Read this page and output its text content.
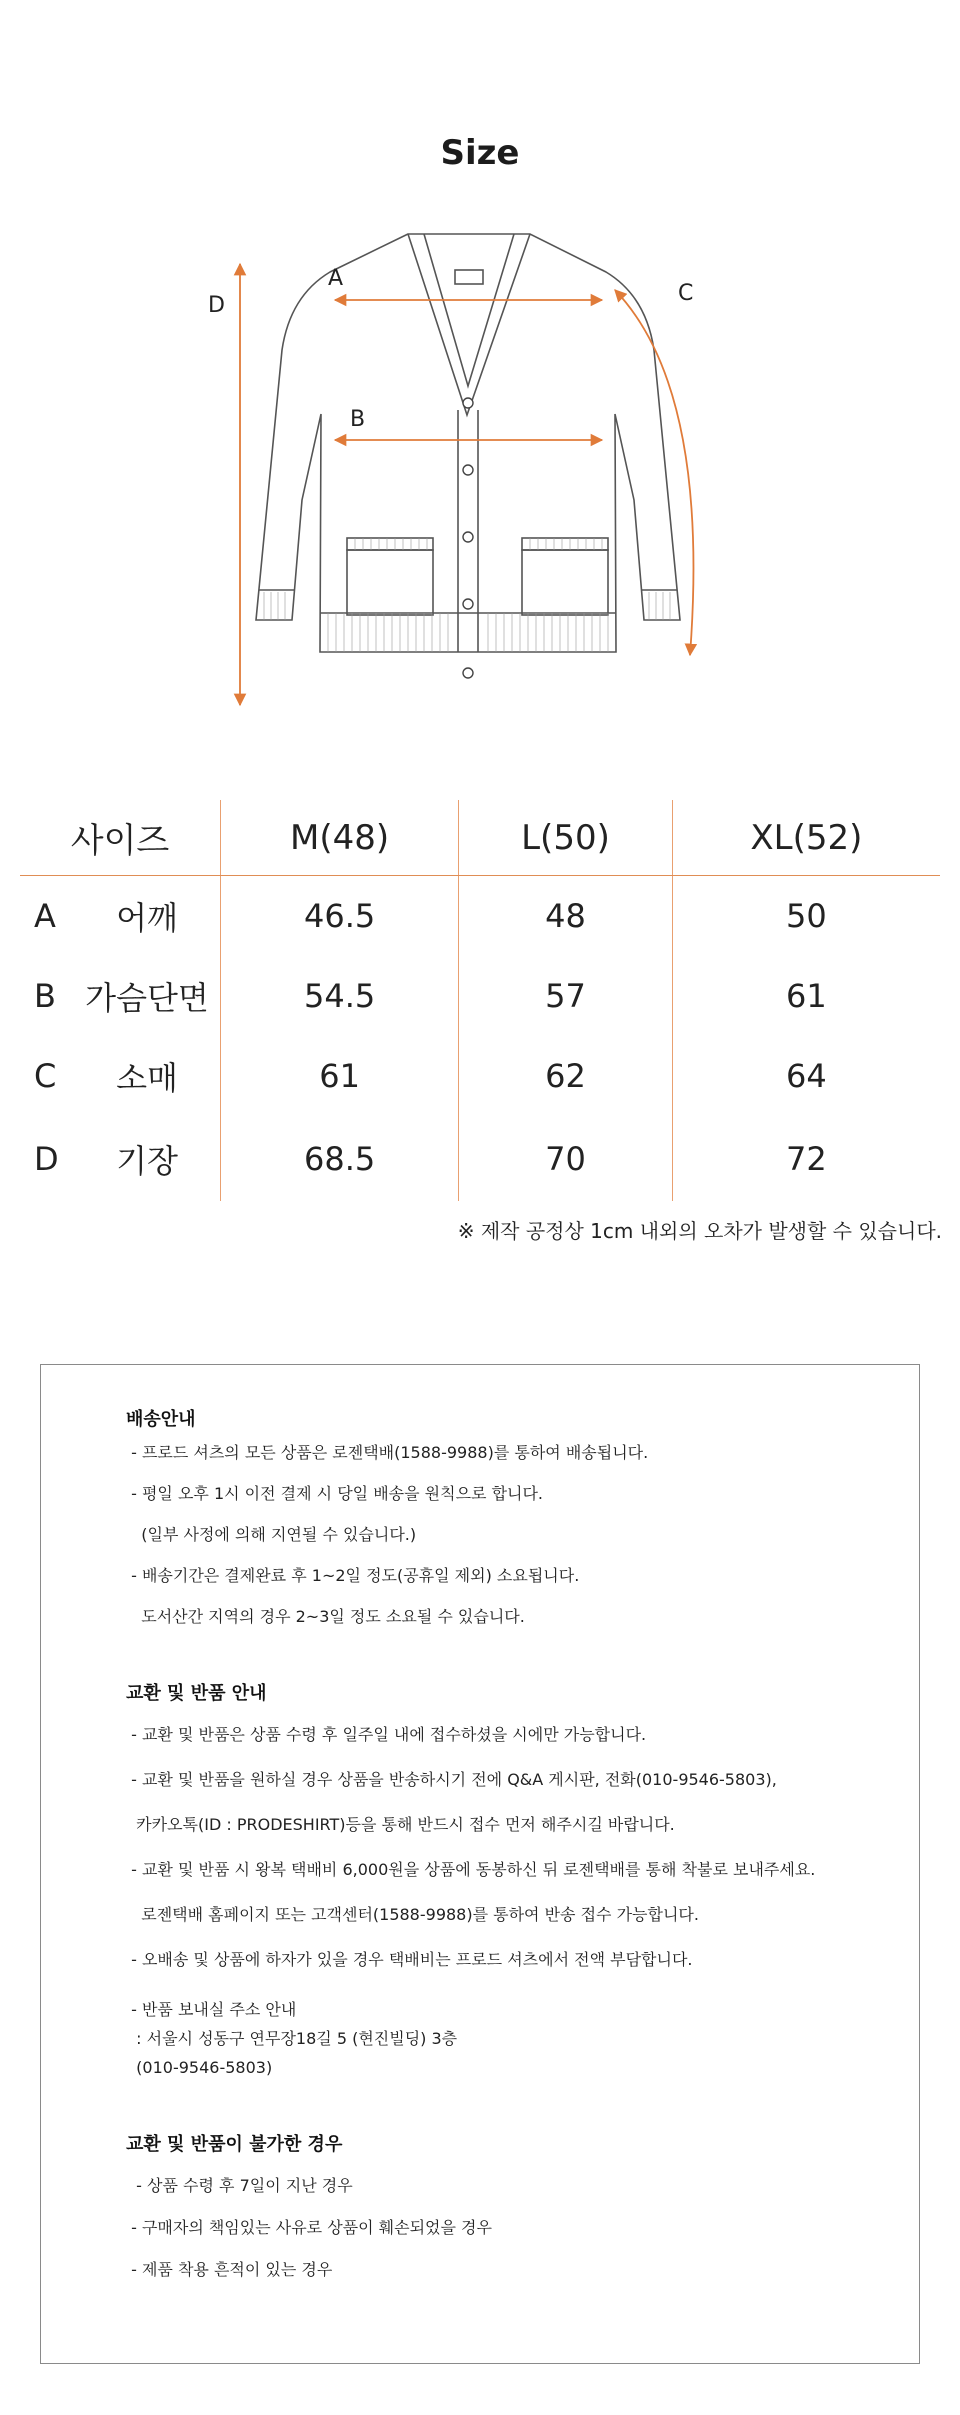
Size
A
B
C
D
사이즈	M(48)	L(50)	XL(52)

A 어깨	46.5	48	50

B 가슴단면	54.5	57	61

C 소매	61	62	64

D 기장	68.5	70	72
※ 제작 공정상 1cm 내외의 오차가 발생할 수 있습니다.

배송안내

- 프로드 셔츠의 모든 상품은 로젠택배(1588-9988)를 통하여 배송됩니다.
- 평일 오후 1시 이전 결제 시 당일 배송을 원칙으로 합니다.
(일부 사정에 의해 지연될 수 있습니다.)
- 배송기간은 결제완료 후 1~2일 정도(공휴일 제외) 소요됩니다.
도서산간 지역의 경우 2~3일 정도 소요될 수 있습니다.

교환 및 반품 안내

- 교환 및 반품은 상품 수령 후 일주일 내에 접수하셨을 시에만 가능합니다.
- 교환 및 반품을 원하실 경우 상품을 반송하시기 전에 Q&A 게시판, 전화(010-9546-5803),
카카오톡(ID : PRODESHIRT)등을 통해 반드시 접수 먼저 해주시길 바랍니다.
- 교환 및 반품 시 왕복 택배비 6,000원을 상품에 동봉하신 뒤 로젠택배를 통해 착불로 보내주세요.
로젠택배 홈페이지 또는 고객센터(1588-9988)를 통하여 반송 접수 가능합니다.
- 오배송 및 상품에 하자가 있을 경우 택배비는 프로드 셔츠에서 전액 부담합니다.
- 반품 보내실 주소 안내
: 서울시 성동구 연무장18길 5 (현진빌딩) 3층
(010-9546-5803)

교환 및 반품이 불가한 경우

- 상품 수령 후 7일이 지난 경우
- 구매자의 책임있는 사유로 상품이 훼손되었을 경우
- 제품 착용 흔적이 있는 경우
